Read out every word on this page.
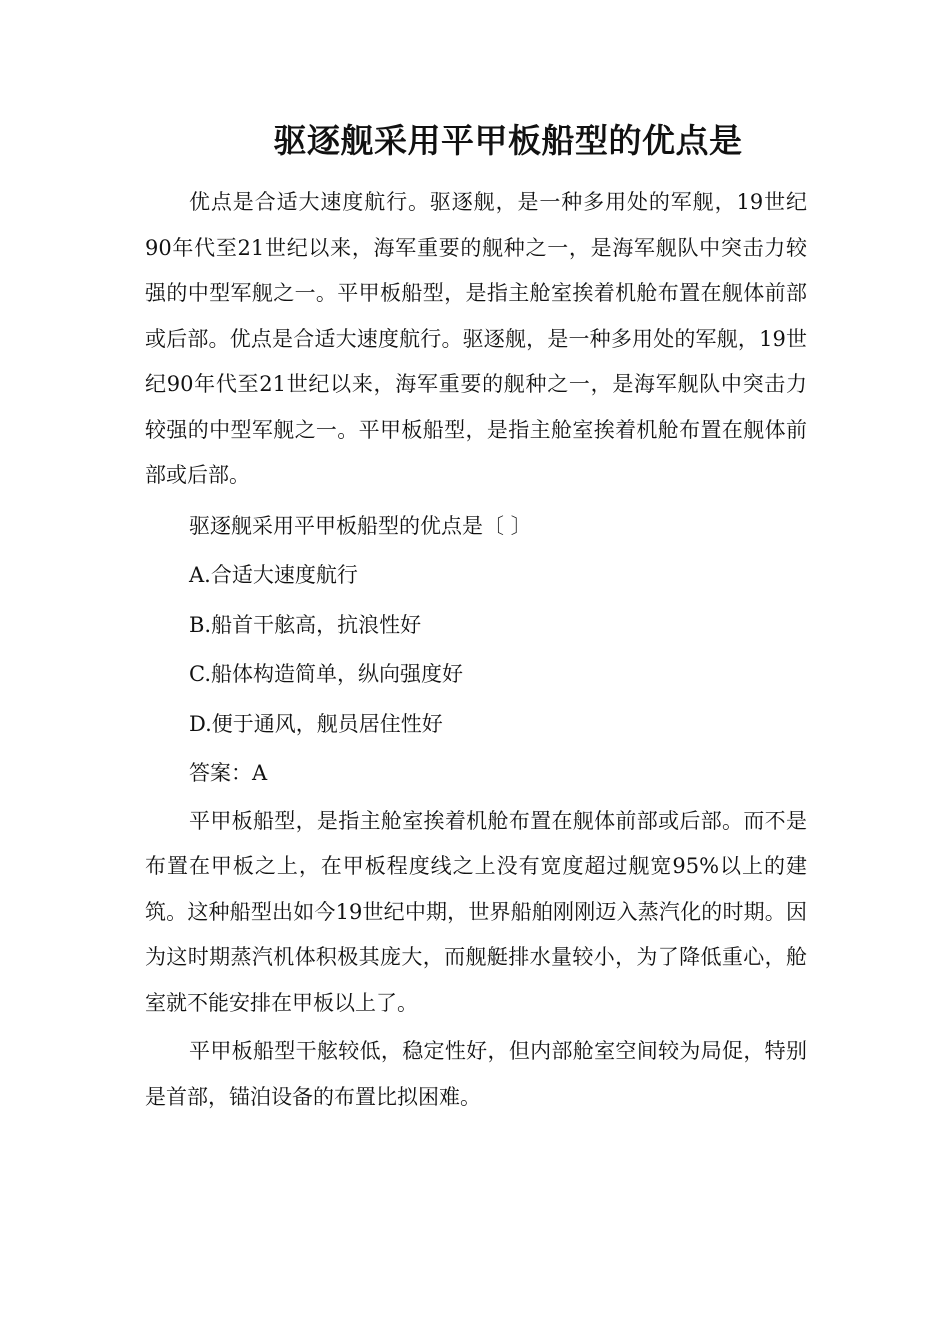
驱逐舰采用平甲板船型的优点是

优点是合适大速度航行。驱逐舰，是一种多用处的军舰，19世纪90年代至21世纪以来，海军重要的舰种之一，是海军舰队中突击力较强的中型军舰之一。平甲板船型，是指主舱室挨着机舱布置在舰体前部或后部。优点是合适大速度航行。驱逐舰，是一种多用处的军舰，19世纪90年代至21世纪以来，海军重要的舰种之一，是海军舰队中突击力较强的中型军舰之一。平甲板船型，是指主舱室挨着机舱布置在舰体前部或后部。

驱逐舰采用平甲板船型的优点是〔 〕

A.合适大速度航行

B.船首干舷高，抗浪性好

C.船体构造简单，纵向强度好

D.便于通风，舰员居住性好

答案：A

平甲板船型，是指主舱室挨着机舱布置在舰体前部或后部。而不是布置在甲板之上，在甲板程度线之上没有宽度超过舰宽95%以上的建筑。这种船型出如今19世纪中期，世界船舶刚刚迈入蒸汽化的时期。因为这时期蒸汽机体积极其庞大，而舰艇排水量较小，为了降低重心，舱室就不能安排在甲板以上了。

平甲板船型干舷较低，稳定性好，但内部舱室空间较为局促，特别是首部，锚泊设备的布置比拟困难。
